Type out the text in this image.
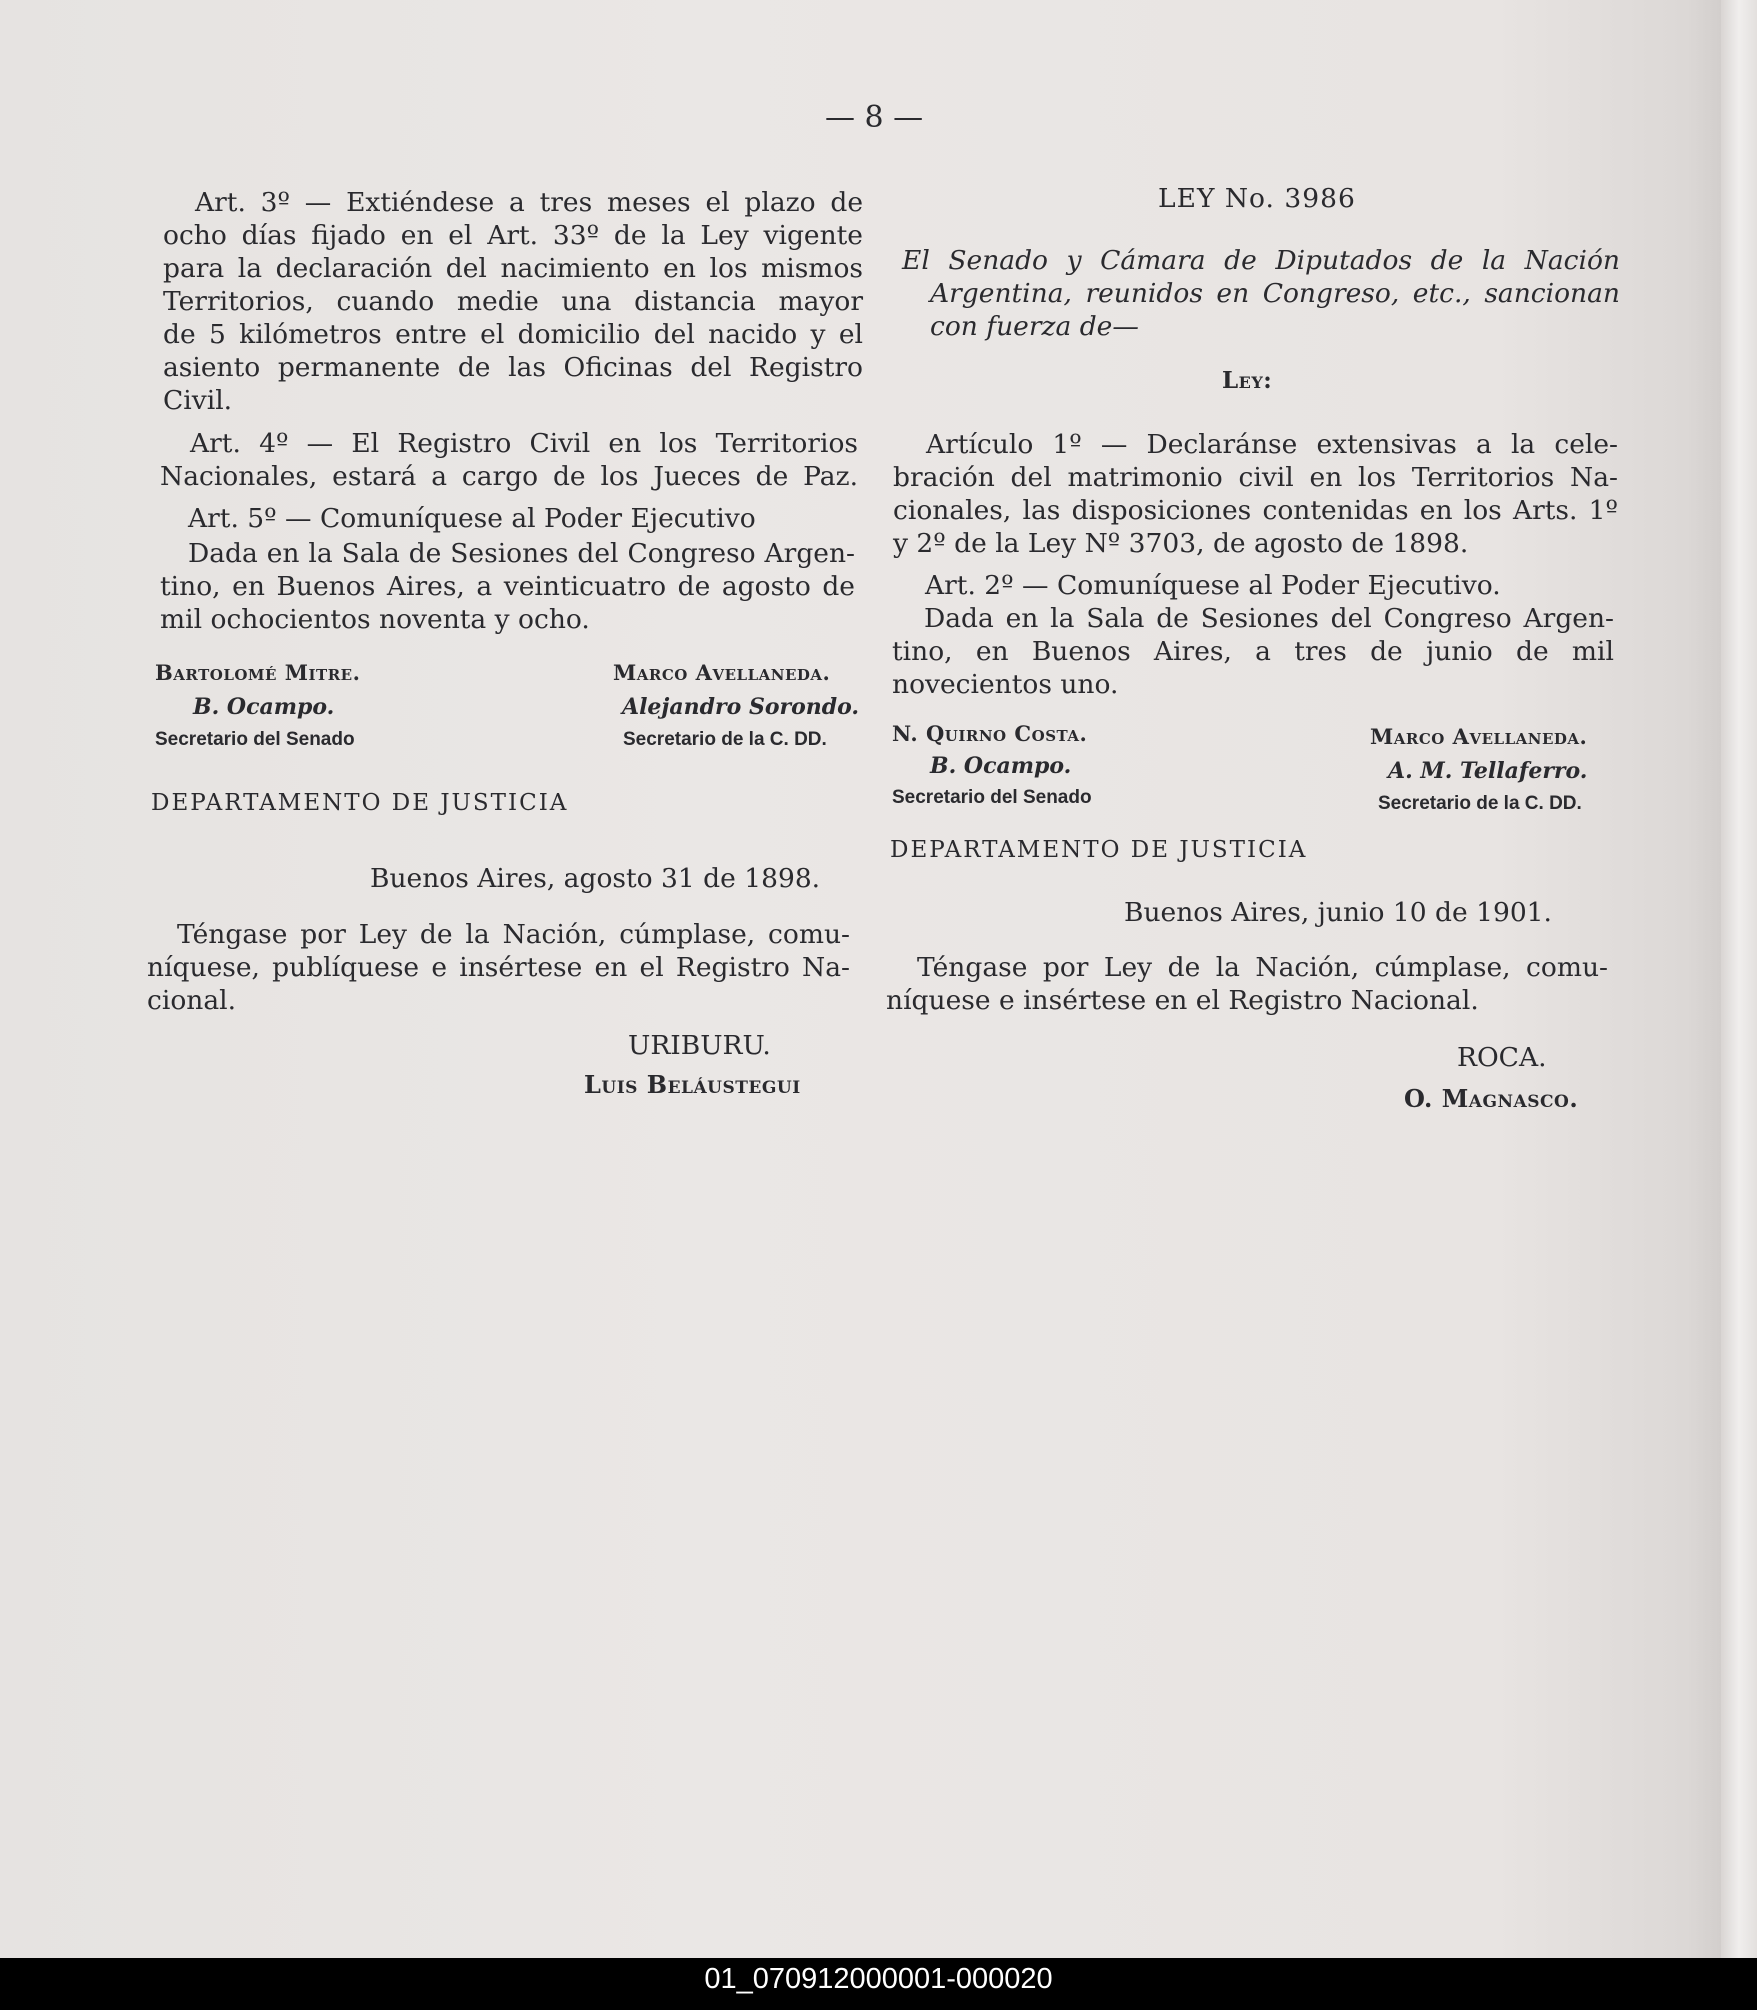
— 8 —
Art. 3º — Extiéndese a tres meses el plazo de
ocho días fijado en el Art. 33º de la Ley vigente
para la declaración del nacimiento en los mismos
Territorios, cuando medie una distancia mayor
de 5 kilómetros entre el domicilio del nacido y el
asiento permanente de las Oficinas del Registro
Civil.
Art. 4º — El Registro Civil en los Territorios
Nacionales, estará a cargo de los Jueces de Paz.
Art. 5º — Comuníquese al Poder Ejecutivo
Dada en la Sala de Sesiones del Congreso Argen-
tino, en Buenos Aires, a veinticuatro de agosto de
mil ochocientos noventa y ocho.
Bartolomé Mitre.
B. Ocampo.
Secretario del Senado
Marco Avellaneda.
Alejandro Sorondo.
Secretario de la C. DD.
DEPARTAMENTO DE JUSTICIA
Buenos Aires, agosto 31 de 1898.
Téngase por Ley de la Nación, cúmplase, comu-
níquese, publíquese e insértese en el Registro Na-
cional.
URIBURU.
Luis Beláustegui
LEY No. 3986
El Senado y Cámara de Diputados de la Nación
Argentina, reunidos en Congreso, etc., sancionan
con fuerza de—
Ley:
Artículo 1º — Declaránse extensivas a la cele-
bración del matrimonio civil en los Territorios Na-
cionales, las disposiciones contenidas en los Arts. 1º
y 2º de la Ley Nº 3703, de agosto de 1898.
Art. 2º — Comuníquese al Poder Ejecutivo.
Dada en la Sala de Sesiones del Congreso Argen-
tino, en Buenos Aires, a tres de junio de mil
novecientos uno.
N. Quirno Costa.
B. Ocampo.
Secretario del Senado
Marco Avellaneda.
A. M. Tellaferro.
Secretario de la C. DD.
DEPARTAMENTO DE JUSTICIA
Buenos Aires, junio 10 de 1901.
Téngase por Ley de la Nación, cúmplase, comu-
níquese e insértese en el Registro Nacional.
ROCA.
O. Magnasco.
01_070912000001-000020
